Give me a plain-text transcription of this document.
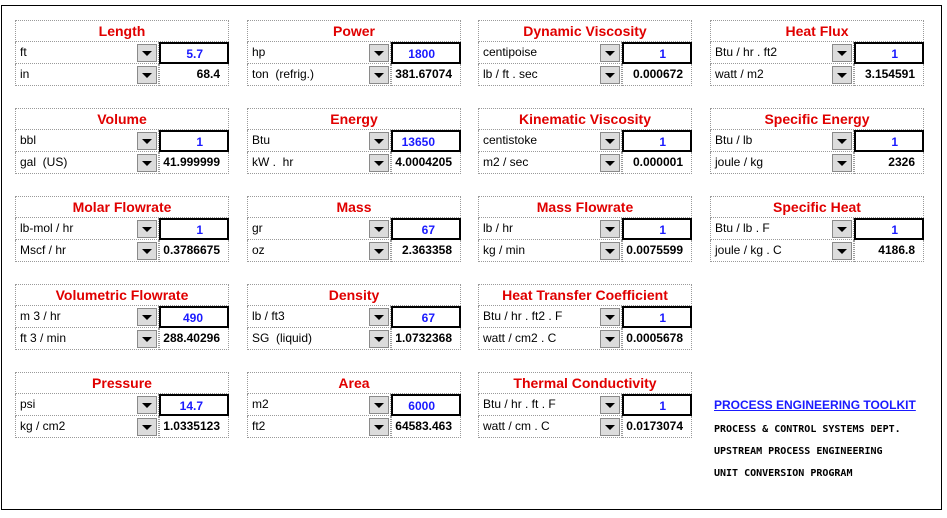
Length
ft	5.7
in	68.4
Power
hp	1800
ton  (refrig.)	381.67074
Dynamic Viscosity
centipoise	1
lb / ft . sec	0.000672
Heat Flux
Btu / hr . ft2	1
watt / m2	3.154591
Volume
bbl	1
gal  (US)	41.999999
Energy
Btu	13650
kW .  hr	4.0004205
Kinematic Viscosity
centistoke	1
m2 / sec	0.000001
Specific Energy
Btu / lb	1
joule / kg	2326
Molar Flowrate
lb-mol / hr	1
Mscf / hr	0.3786675
Mass
gr	67
oz	2.363358
Mass Flowrate
lb / hr	1
kg / min	0.0075599
Specific Heat
Btu / lb . F	1
joule / kg . C	4186.8
Volumetric Flowrate
m 3 / hr	490
ft 3 / min	288.40296
Density
lb / ft3	67
SG  (liquid)	1.0732368
Heat Transfer Coefficient
Btu / hr . ft2 . F	1
watt / cm2 . C	0.0005678
Pressure
psi	14.7
kg / cm2	1.0335123
Area
m2	6000
ft2	64583.463
Thermal Conductivity
Btu / hr . ft . F	1
watt / cm . C	0.0173074
PROCESS ENGINEERING TOOLKIT
PROCESS & CONTROL SYSTEMS DEPT.
UPSTREAM PROCESS ENGINEERING
UNIT CONVERSION PROGRAM
